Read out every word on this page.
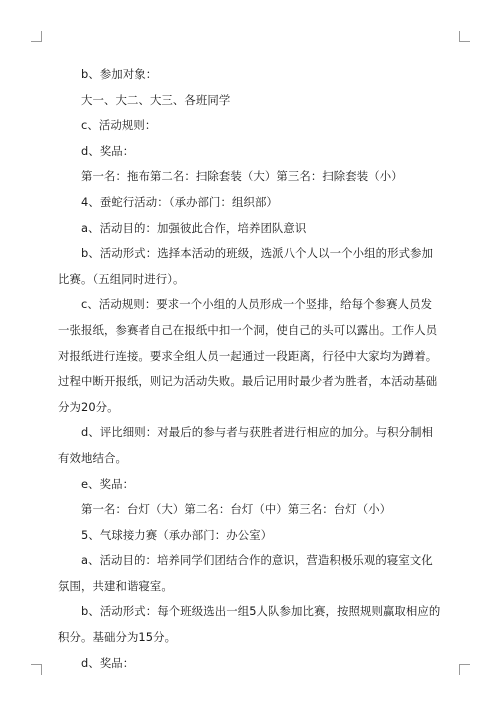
b、参加对象：

大一、大二、大三、各班同学

c、活动规则：

d、奖品：

第一名：拖布第二名：扫除套装（大）第三名：扫除套装（小）

4、蚕蛇行活动：（承办部门：组织部）

a、活动目的：加强彼此合作，培养团队意识

b、活动形式：选择本活动的班级，选派八个人以一个小组的形式参加比赛。（五组同时进行）。

c、活动规则：要求一个小组的人员形成一个竖排，给每个参赛人员发一张报纸，参赛者自己在报纸中扣一个洞，使自己的头可以露出。工作人员对报纸进行连接。要求全组人员一起通过一段距离，行径中大家均为蹲着。过程中断开报纸，则记为活动失败。最后记用时最少者为胜者，本活动基础分为20分。

d、评比细则：对最后的参与者与获胜者进行相应的加分。与积分制相有效地结合。

e、奖品：

第一名：台灯（大）第二名：台灯（中）第三名：台灯（小）

5、气球接力赛（承办部门：办公室）

a、活动目的：培养同学们团结合作的意识，营造积极乐观的寝室文化氛围，共建和谐寝室。

b、活动形式：每个班级选出一组5人队参加比赛，按照规则赢取相应的积分。基础分为15分。

d、奖品：
